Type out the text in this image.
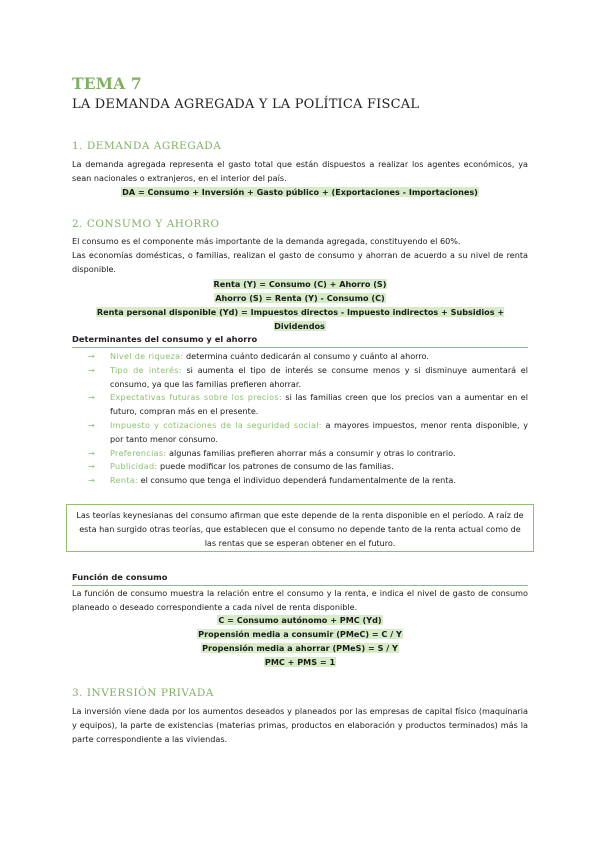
TEMA 7
LA DEMANDA AGREGADA Y LA POLÍTICA FISCAL
1. DEMANDA AGREGADA
La demanda agregada representa el gasto total que están dispuestos a realizar los agentes económicos, ya sean nacionales o extranjeros, en el interior del país.
DA = Consumo + Inversión + Gasto público + (Exportaciones - Importaciones)
2. CONSUMO Y AHORRO
El consumo es el componente más importante de la demanda agregada, constituyendo el 60%.
Las economías domésticas, o familias, realizan el gasto de consumo y ahorran de acuerdo a su nivel de renta disponible.
Renta (Y) = Consumo (C) + Ahorro (S)
Ahorro (S) = Renta (Y) - Consumo (C)
Renta personal disponible (Yd) = Impuestos directos - Impuesto indirectos + Subsidios + Dividendos
Determinantes del consumo y el ahorro
→ Nivel de riqueza: determina cuánto dedicarán al consumo y cuánto al ahorro.
→ Tipo de interés: si aumenta el tipo de interés se consume menos y si disminuye aumentará el consumo, ya que las familias prefieren ahorrar.
→ Expectativas futuras sobre los precios: si las familias creen que los precios van a aumentar en el futuro, compran más en el presente.
→ Impuesto y cotizaciones de la seguridad social: a mayores impuestos, menor renta disponible, y por tanto menor consumo.
→ Preferencias: algunas familias prefieren ahorrar más a consumir y otras lo contrario.
→ Publicidad: puede modificar los patrones de consumo de las familias.
→ Renta: el consumo que tenga el individuo dependerá fundamentalmente de la renta.
Las teorías keynesianas del consumo afirman que este depende de la renta disponible en el período. A raíz de esta han surgido otras teorías, que establecen que el consumo no depende tanto de la renta actual como de las rentas que se esperan obtener en el futuro.
Función de consumo
La función de consumo muestra la relación entre el consumo y la renta, e indica el nivel de gasto de consumo planeado o deseado correspondiente a cada nivel de renta disponible.
C = Consumo autónomo + PMC (Yd)
Propensión media a consumir (PMeC) = C / Y
Propensión media a ahorrar (PMeS) = S / Y
PMC + PMS = 1
3. INVERSIÓN PRIVADA
La inversión viene dada por los aumentos deseados y planeados por las empresas de capital físico (maquinaria y equipos), la parte de existencias (materias primas, productos en elaboración y productos terminados) más la parte correspondiente a las viviendas.
